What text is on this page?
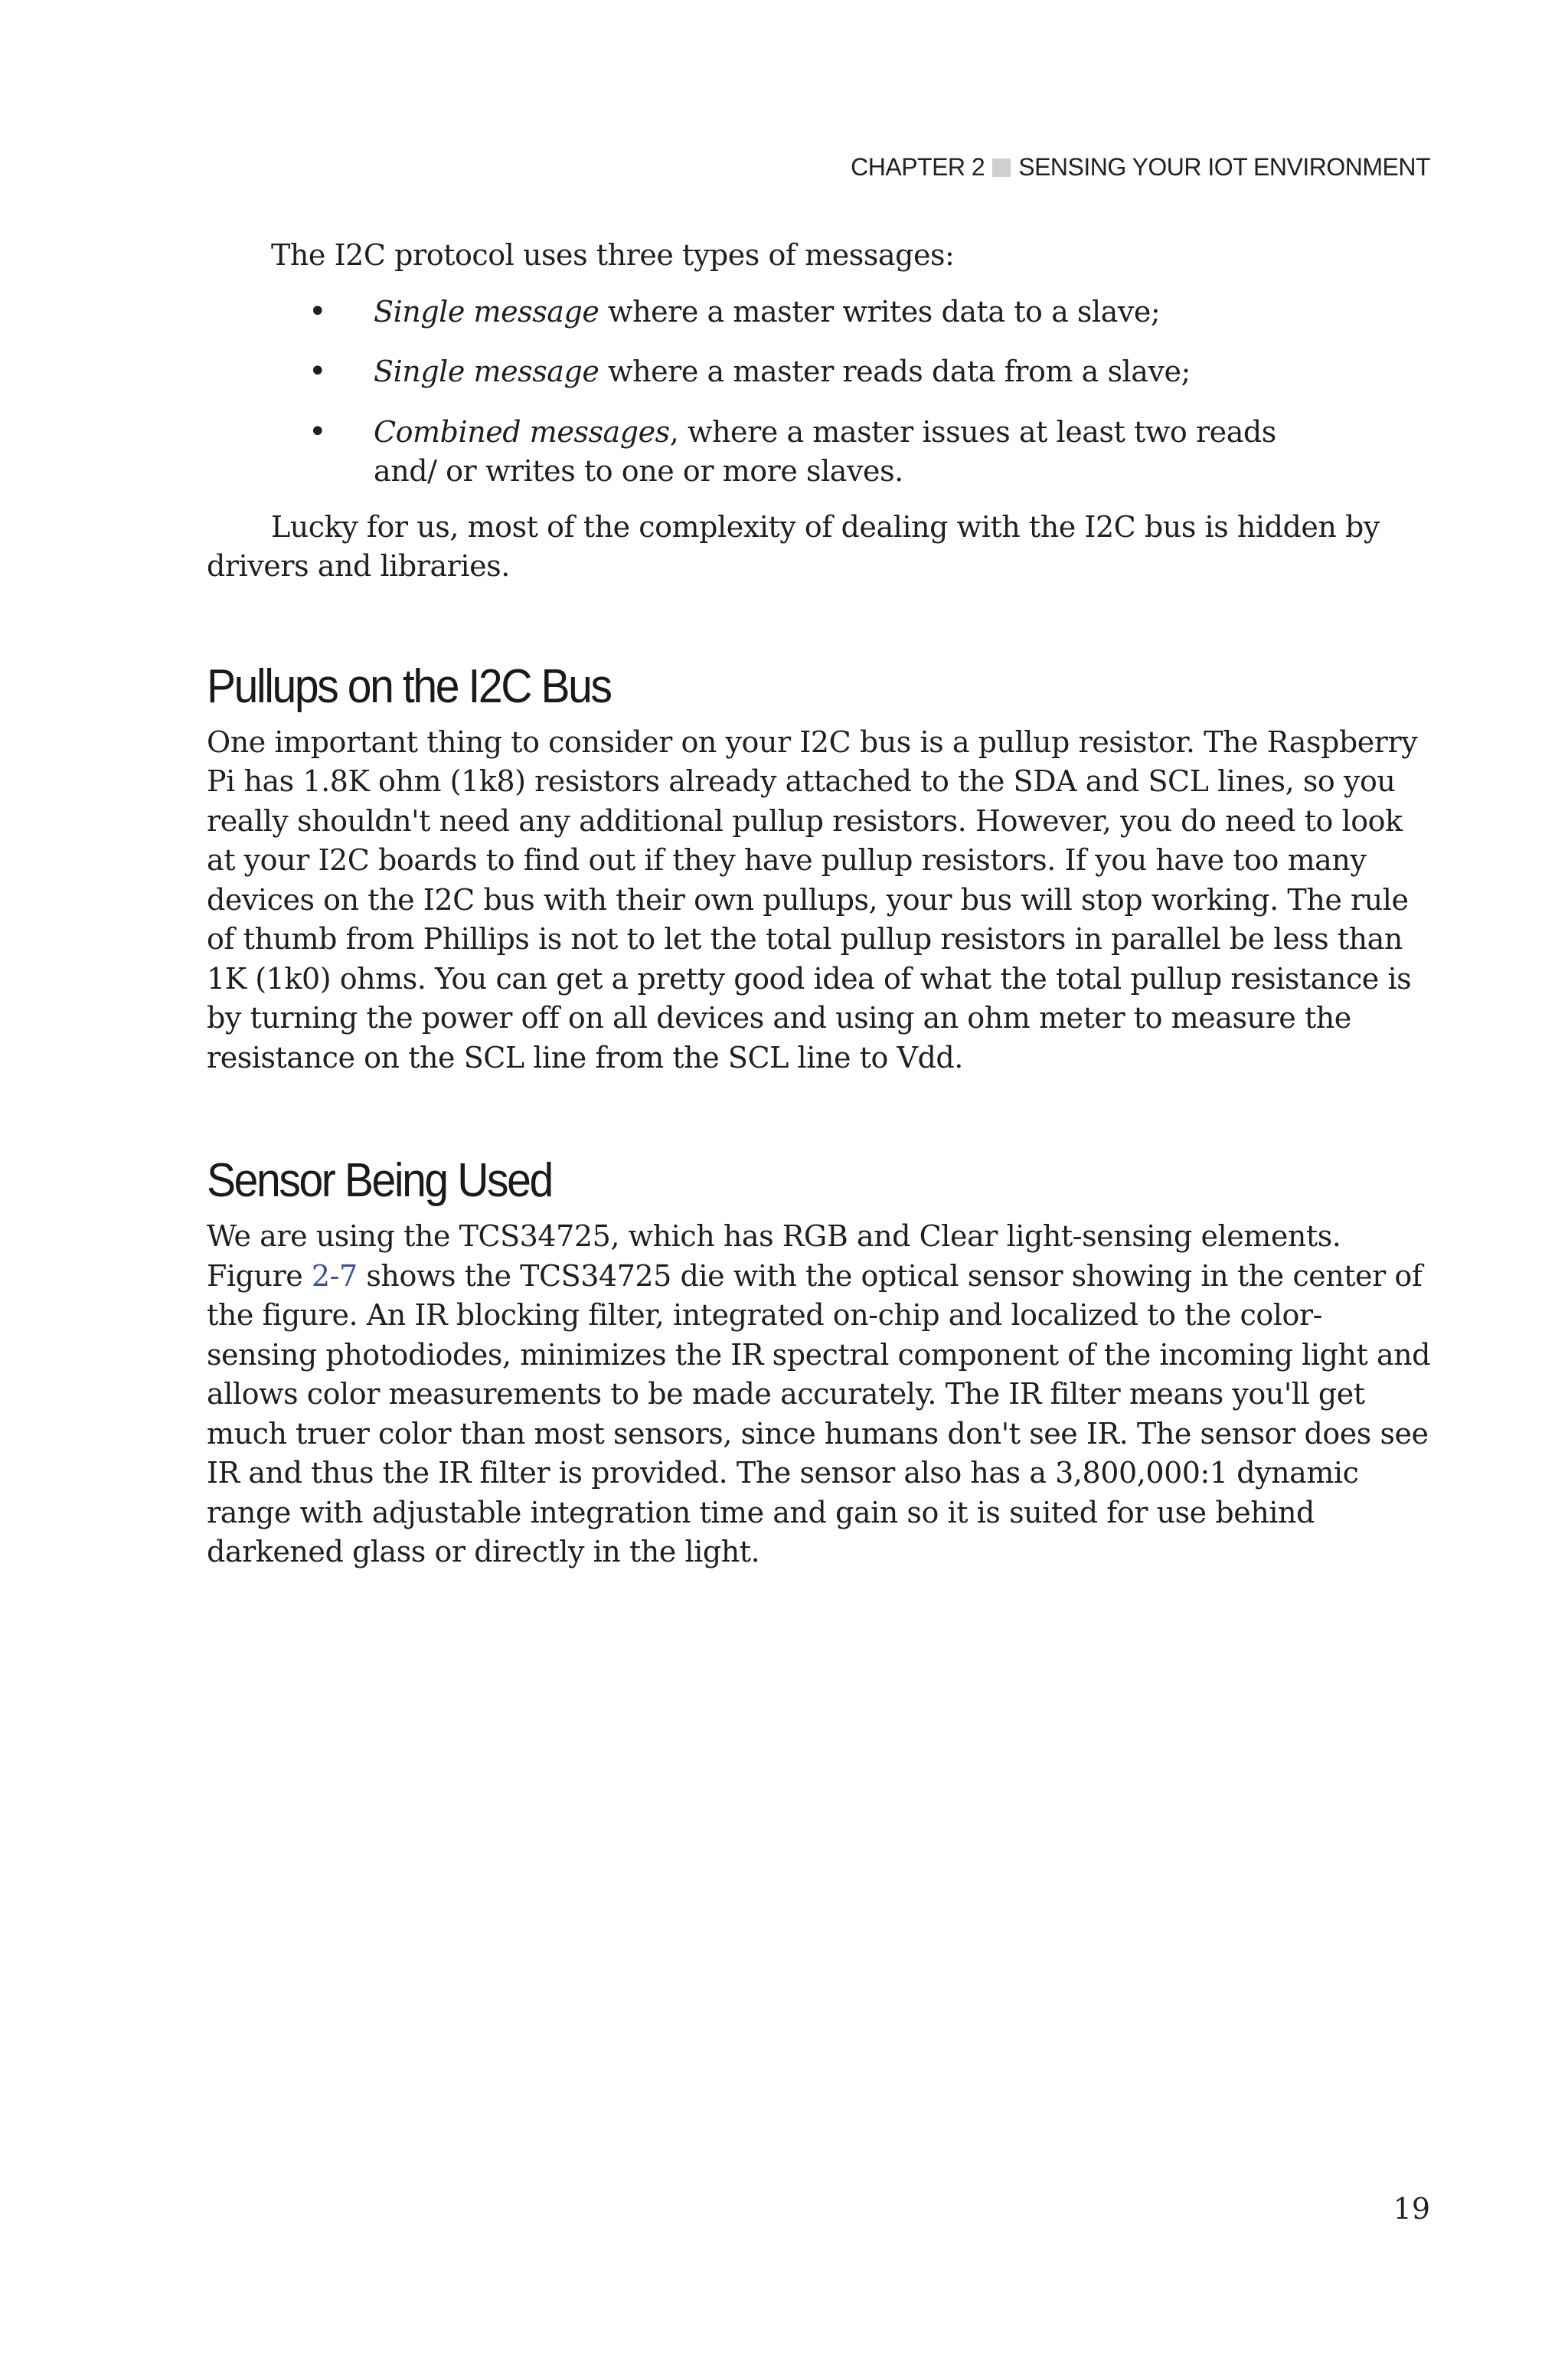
CHAPTER 2 SENSING YOUR IOT ENVIRONMENT

The I2C protocol uses three types of messages:

• Single message where a master writes data to a slave;
• Single message where a master reads data from a slave;
• Combined messages, where a master issues at least two reads and/ or writes to one or more slaves.

Lucky for us, most of the complexity of dealing with the I2C bus is hidden by drivers and libraries.

Pullups on the I2C Bus

One important thing to consider on your I2C bus is a pullup resistor. The Raspberry Pi has 1.8K ohm (1k8) resistors already attached to the SDA and SCL lines, so you really shouldn't need any additional pullup resistors. However, you do need to look at your I2C boards to find out if they have pullup resistors. If you have too many devices on the I2C bus with their own pullups, your bus will stop working. The rule of thumb from Phillips is not to let the total pullup resistors in parallel be less than 1K (1k0) ohms. You can get a pretty good idea of what the total pullup resistance is by turning the power off on all devices and using an ohm meter to measure the resistance on the SCL line from the SCL line to Vdd.

Sensor Being Used

We are using the TCS34725, which has RGB and Clear light-sensing elements. Figure 2-7 shows the TCS34725 die with the optical sensor showing in the center of the figure. An IR blocking filter, integrated on-chip and localized to the color-sensing photodiodes, minimizes the IR spectral component of the incoming light and allows color measurements to be made accurately. The IR filter means you'll get much truer color than most sensors, since humans don't see IR. The sensor does see IR and thus the IR filter is provided. The sensor also has a 3,800,000:1 dynamic range with adjustable integration time and gain so it is suited for use behind darkened glass or directly in the light.

19
